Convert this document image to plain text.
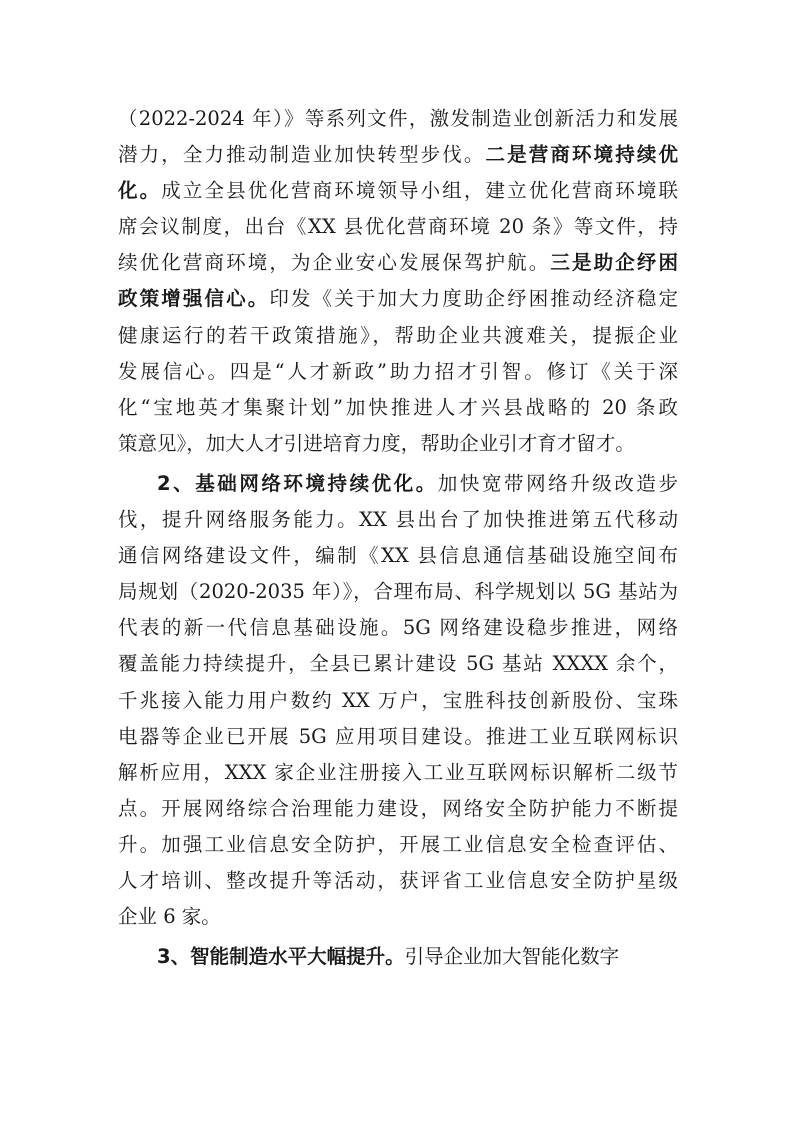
（2022-2024 年）》等系列文件，激发制造业创新活力和发展
潜力，全力推动制造业加快转型步伐。二是营商环境持续优
化。成立全县优化营商环境领导小组，建立优化营商环境联
席会议制度，出台《XX 县优化营商环境 20 条》等文件，持
续优化营商环境，为企业安心发展保驾护航。三是助企纾困
政策增强信心。印发《关于加大力度助企纾困推动经济稳定
健康运行的若干政策措施》，帮助企业共渡难关，提振企业
发展信心。四是“人才新政”助力招才引智。修订《关于深
化“宝地英才集聚计划”加快推进人才兴县战略的 20 条政
策意见》，加大人才引进培育力度，帮助企业引才育才留才。
2、基础网络环境持续优化。加快宽带网络升级改造步
伐，提升网络服务能力。XX 县出台了加快推进第五代移动
通信网络建设文件，编制《XX 县信息通信基础设施空间布
局规划（2020-2035 年）》，合理布局、科学规划以 5G 基站为
代表的新一代信息基础设施。5G 网络建设稳步推进，网络
覆盖能力持续提升，全县已累计建设 5G 基站 XXXX 余个，
千兆接入能力用户数约 XX 万户，宝胜科技创新股份、宝珠
电器等企业已开展 5G 应用项目建设。推进工业互联网标识
解析应用，XXX 家企业注册接入工业互联网标识解析二级节
点。开展网络综合治理能力建设，网络安全防护能力不断提
升。加强工业信息安全防护，开展工业信息安全检查评估、
人才培训、整改提升等活动，获评省工业信息安全防护星级
企业 6 家。
3、智能制造水平大幅提升。引导企业加大智能化数字
